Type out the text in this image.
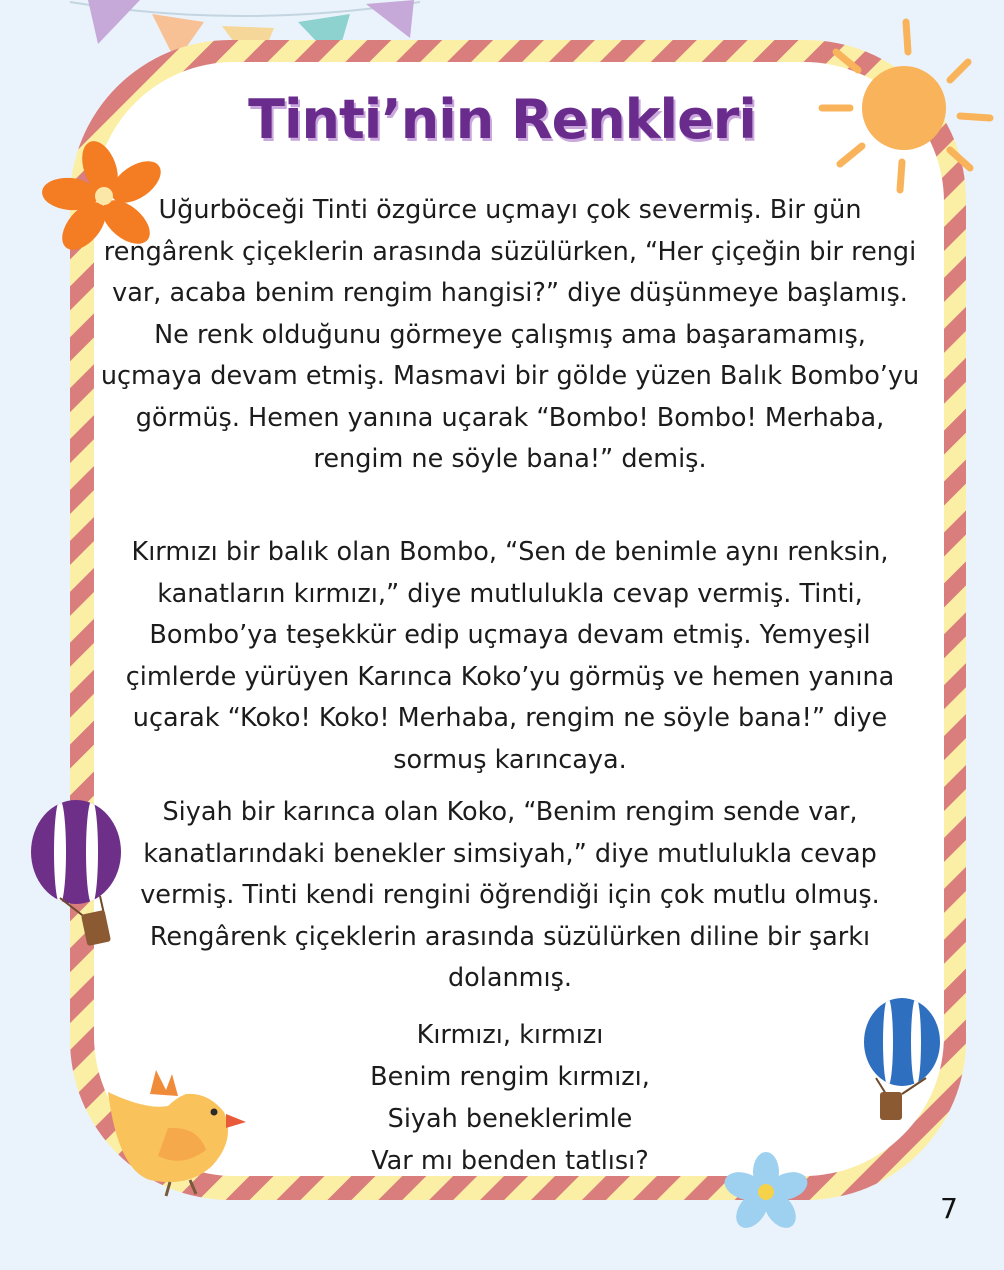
Tinti’nin Renkleri

Uğurböceği Tinti özgürce uçmayı çok severmiş. Bir gün rengârenk çiçeklerin arasında süzülürken, “Her çiçeğin bir rengi var, acaba benim rengim hangisi?” diye düşünmeye başlamış. Ne renk olduğunu görmeye çalışmış ama başaramamış, uçmaya devam etmiş. Masmavi bir gölde yüzen Balık Bombo’yu görmüş. Hemen yanına uçarak “Bombo! Bombo! Merhaba, rengim ne söyle bana!” demiş.

Kırmızı bir balık olan Bombo, “Sen de benimle aynı renksin, kanatların kırmızı,” diye mutlulukla cevap vermiş. Tinti, Bombo’ya teşekkür edip uçmaya devam etmiş. Yemyeşil çimlerde yürüyen Karınca Koko’yu görmüş ve hemen yanına uçarak “Koko! Koko! Merhaba, rengim ne söyle bana!” diye sormuş karıncaya.

Siyah bir karınca olan Koko, “Benim rengim sende var, kanatlarındaki benekler simsiyah,” diye mutlulukla cevap vermiş. Tinti kendi rengini öğrendiği için çok mutlu olmuş. Rengârenk çiçeklerin arasında süzülürken diline bir şarkı dolanmış.

Kırmızı, kırmızı
Benim rengim kırmızı,
Siyah beneklerimle
Var mı benden tatlısı?
7
